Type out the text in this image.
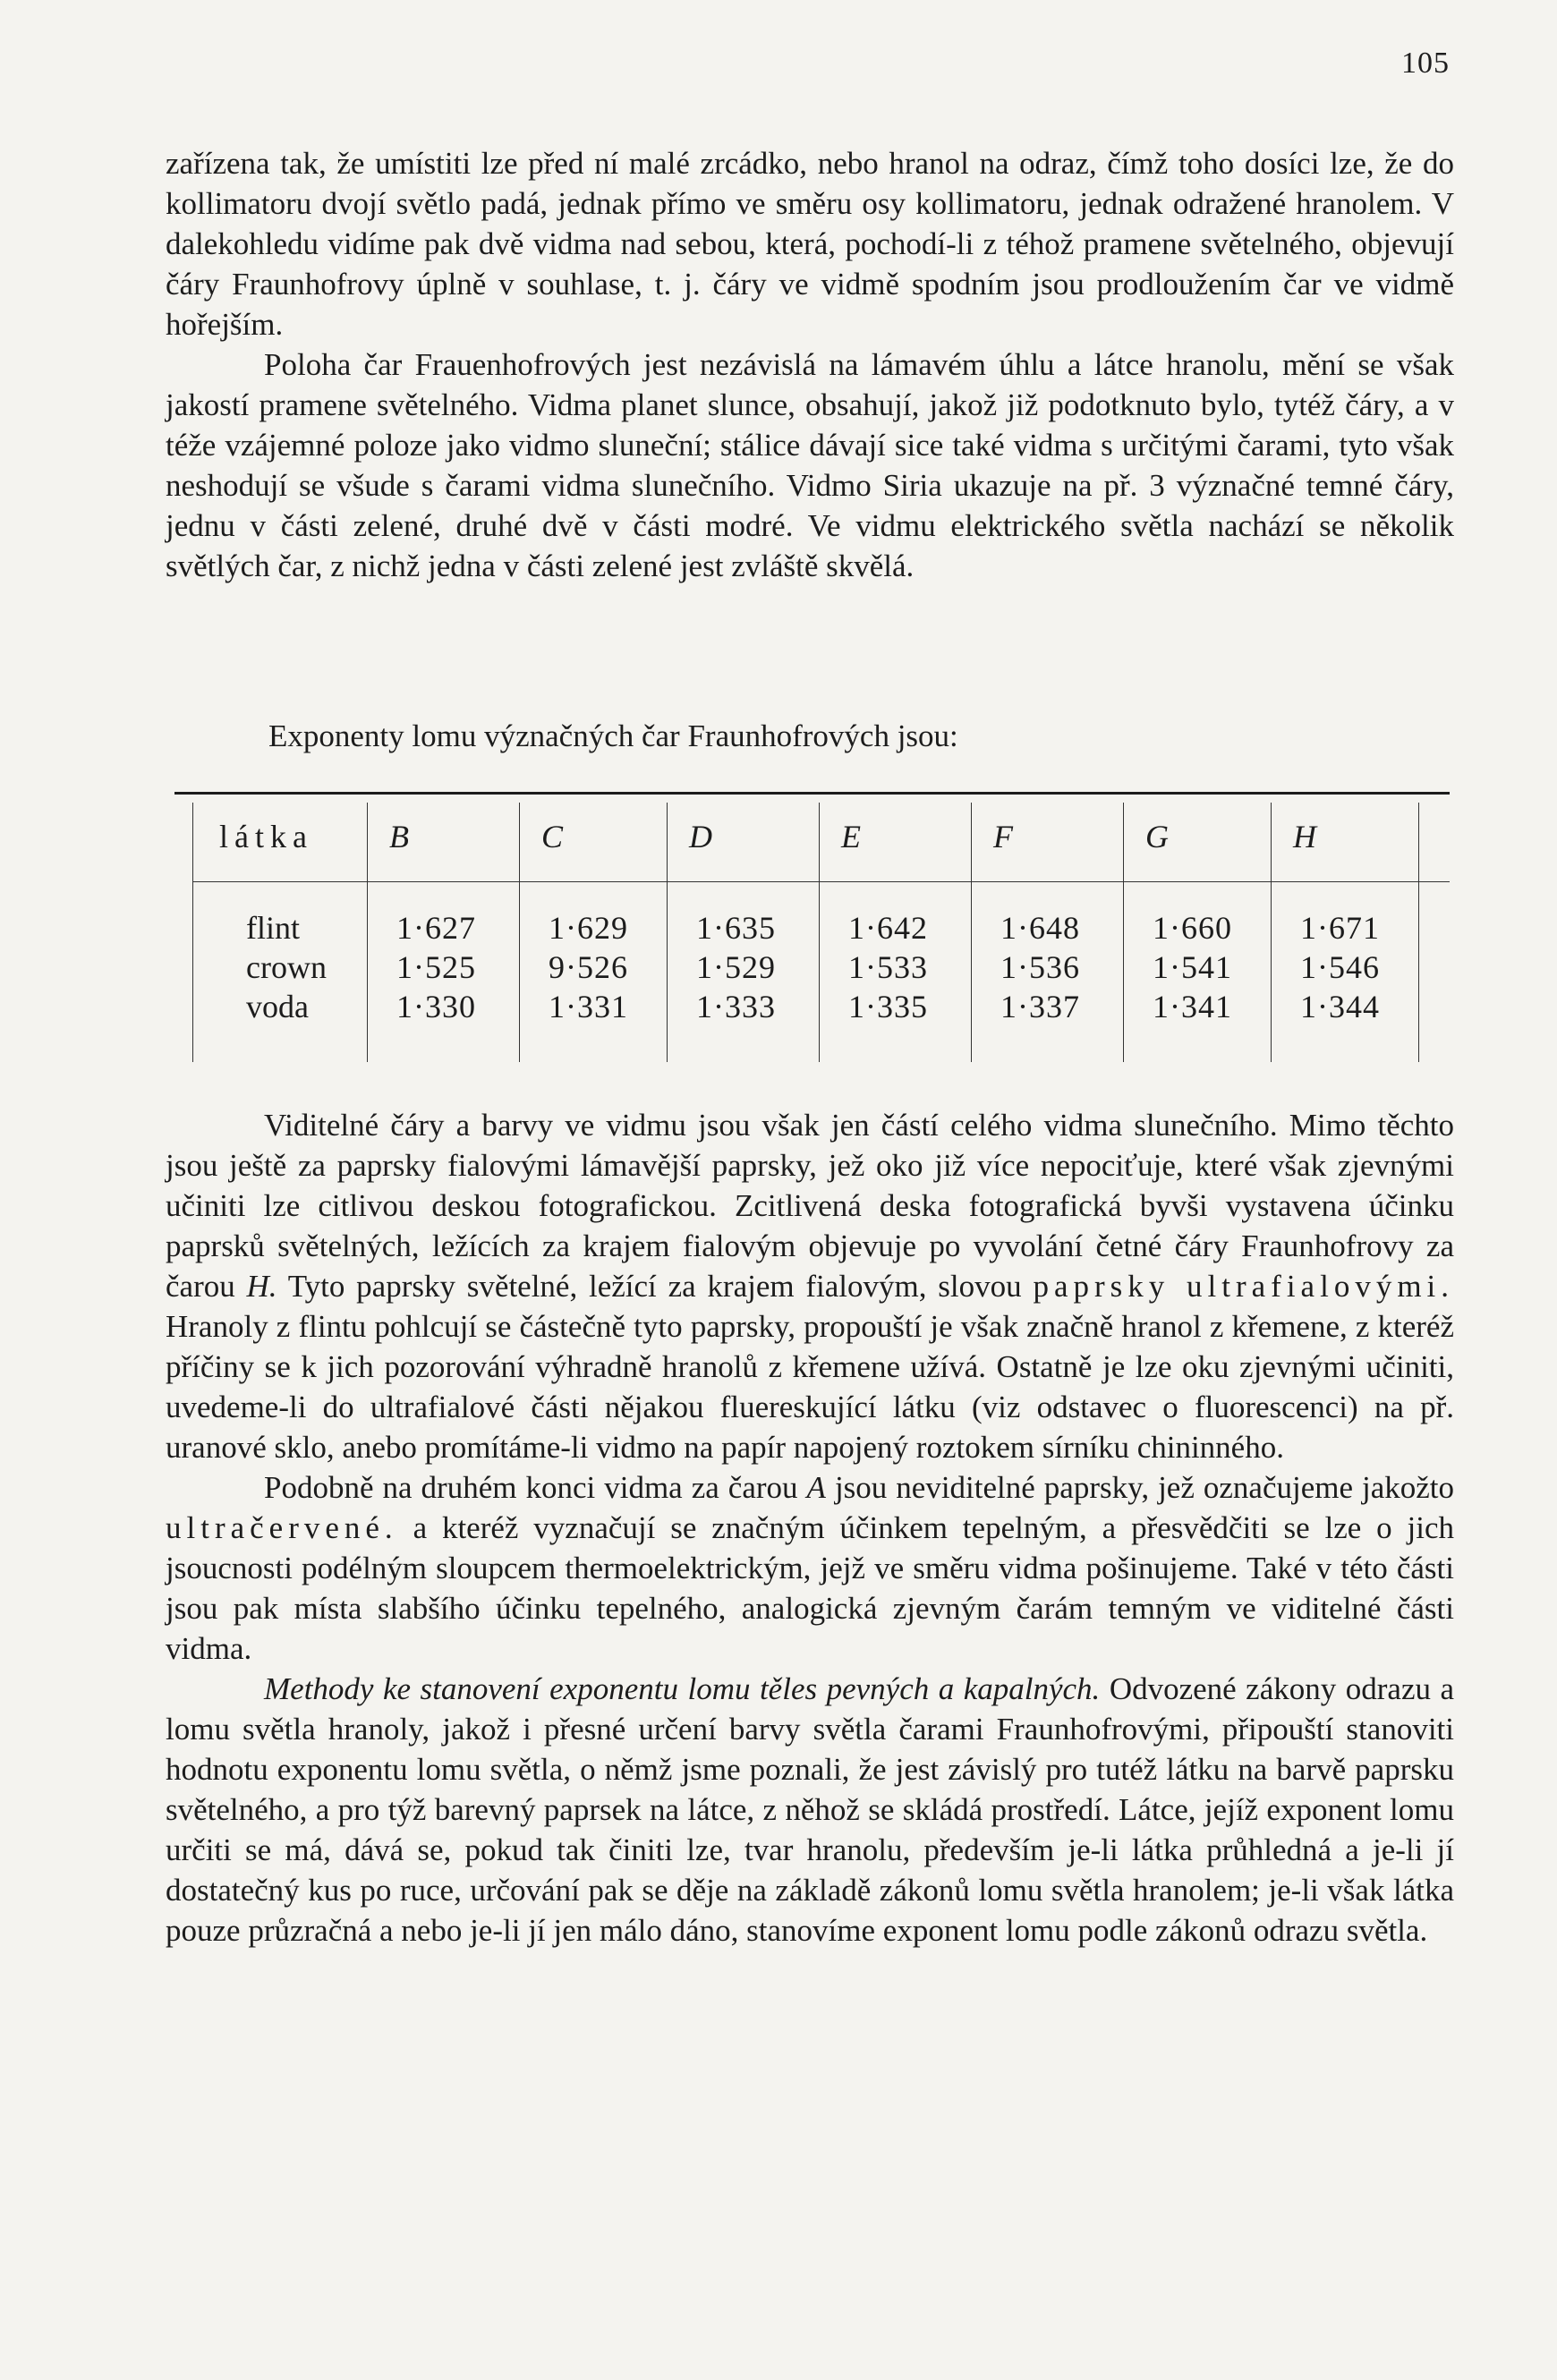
105

zařízena tak, že umístiti lze před ní malé zrcádko, nebo hranol na odraz, čímž toho dosíci lze, že do kollimatoru dvojí světlo padá, jednak přímo ve směru osy kollimatoru, jednak odražené hranolem. V dalekohledu vidíme pak dvě vidma nad sebou, která, pochodí-li z téhož pramene světelného, objevují čáry Fraunhofrovy úplně v souhlase, t. j. čáry ve vidmě spodním jsou prodloužením čar ve vidmě hořejším.

Poloha čar Frauenhofrových jest nezávislá na lámavém úhlu a látce hranolu, mění se však jakostí pramene světelného. Vidma planet slunce, obsahují, jakož již podotknuto bylo, tytéž čáry, a v téže vzájemné poloze jako vidmo sluneční; stálice dávají sice také vidma s určitými čarami, tyto však neshodují se všude s čarami vidma slunečního. Vidmo Siria ukazuje na př. 3 význačné temné čáry, jednu v části zelené, druhé dvě v části modré. Ve vidmu elektrického světla nachází se několik světlých čar, z nichž jedna v části zelené jest zvláště skvělá.

Exponenty lomu význačných čar Fraunhofrových jsou:
látka B	C	D	E	F	G	H
flint	1·627 1·629 1·635 1·642 1·648 1·660 1·671
crown 1·525 9·526 1·529 1·533 1·536 1·541 1·546
voda	1·330 1·331 1·333 1·335 1·337 1·341 1·344

Viditelné čáry a barvy ve vidmu jsou však jen částí celého vidma slunečního. Mimo těchto jsou ještě za paprsky fialovými lámavější paprsky, jež oko již více nepociťuje, které však zjevnými učiniti lze citlivou deskou fotografickou. Zcitlivená deska fotografická byvši vystavena účinku paprsků světelných, ležících za krajem fialovým objevuje po vyvolání četné čáry Fraunhofrovy za čarou H. Tyto paprsky světelné, ležící za krajem fialovým, slovou paprsky ultrafialovými. Hranoly z flintu pohlcují se částečně tyto paprsky, propouští je však značně hranol z křemene, z kteréž příčiny se k jich pozorování výhradně hranolů z křemene užívá. Ostatně je lze oku zjevnými učiniti, uvedeme-li do ultrafialové části nějakou fluereskující látku (viz odstavec o fluorescenci) na př. uranové sklo, anebo promítáme-li vidmo na papír napojený roztokem sírníku chininného.

Podobně na druhém konci vidma za čarou A jsou neviditelné paprsky, jež označujeme jakožto ultračervené. a kteréž vyznačují se značným účinkem tepelným, a přesvědčiti se lze o jich jsoucnosti podélným sloupcem thermoelektrickým, jejž ve směru vidma pošinujeme. Také v této části jsou pak místa slabšího účinku tepelného, analogická zjevným čarám temným ve viditelné části vidma.

Methody ke stanovení exponentu lomu těles pevných a kapalných. Odvozené zákony odrazu a lomu světla hranoly, jakož i přesné určení barvy světla čarami Fraunhofrovými, připouští stanoviti hodnotu exponentu lomu světla, o němž jsme poznali, že jest závislý pro tutéž látku na barvě paprsku světelného, a pro týž barevný paprsek na látce, z něhož se skládá prostředí. Látce, jejíž exponent lomu určiti se má, dává se, pokud tak činiti lze, tvar hranolu, především je-li látka průhledná a je-li jí dostatečný kus po ruce, určování pak se děje na základě zákonů lomu světla hranolem; je-li však látka pouze průzračná a nebo je-li jí jen málo dáno, stanovíme exponent lomu podle zákonů odrazu světla.
